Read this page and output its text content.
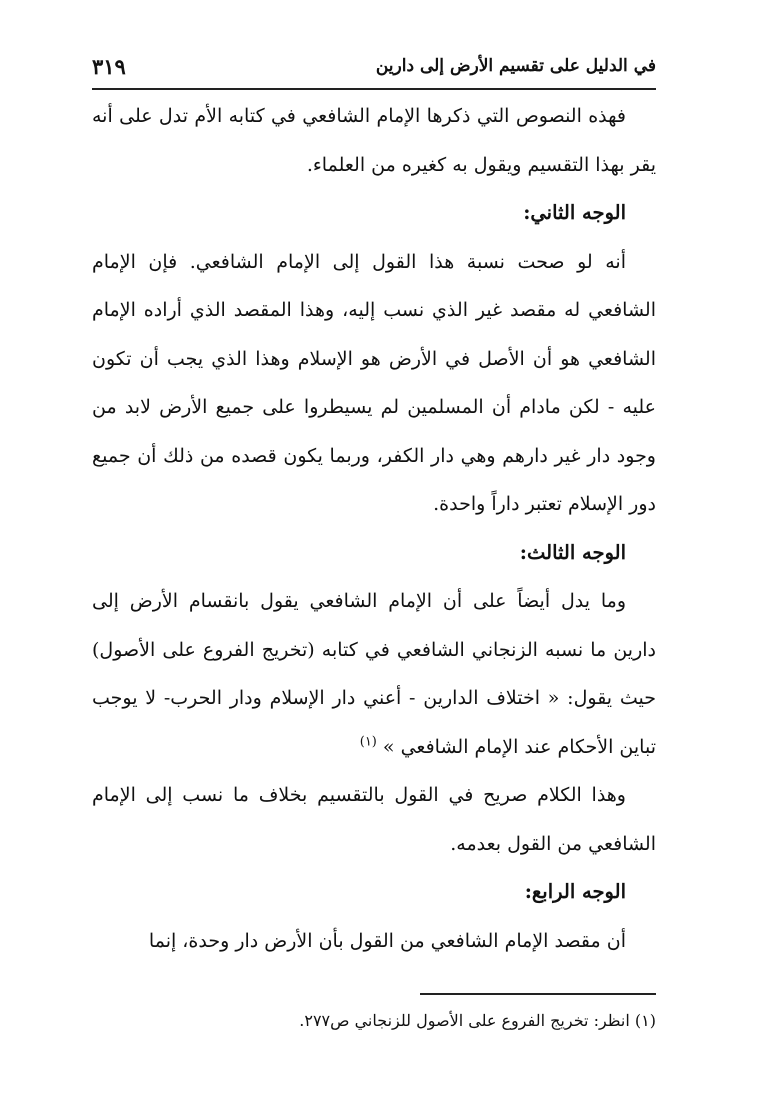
في الدليل على تقسيم الأرض إلى دارين
٣١٩

فهذه النصوص التي ذكرها الإمام الشافعي في كتابه الأم تدل على أنه يقر بهذا التقسيم ويقول به كغيره من العلماء.

الوجه الثاني:

أنه لو صحت نسبة هذا القول إلى الإمام الشافعي. فإن الإمام الشافعي له مقصد غير الذي نسب إليه، وهذا المقصد الذي أراده الإمام الشافعي هو أن الأصل في الأرض هو الإسلام وهذا الذي يجب أن تكون عليه - لكن مادام أن المسلمين لم يسيطروا على جميع الأرض لابد من وجود دار غير دارهم وهي دار الكفر، وربما يكون قصده من ذلك أن جميع دور الإسلام تعتبر داراً واحدة.

الوجه الثالث:

وما يدل أيضاً على أن الإمام الشافعي يقول بانقسام الأرض إلى دارين ما نسبه الزنجاني الشافعي في كتابه (تخريج الفروع على الأصول) حيث يقول: « اختلاف الدارين - أعني دار الإسلام ودار الحرب- لا يوجب تباين الأحكام عند الإمام الشافعي » $^{(١)}$

وهذا الكلام صريح في القول بالتقسيم بخلاف ما نسب إلى الإمام الشافعي من القول بعدمه.

الوجه الرابع:

أن مقصد الإمام الشافعي من القول بأن الأرض دار وحدة، إنما

(١) انظر: تخريج الفروع على الأصول للزنجاني ص٢٧٧.
